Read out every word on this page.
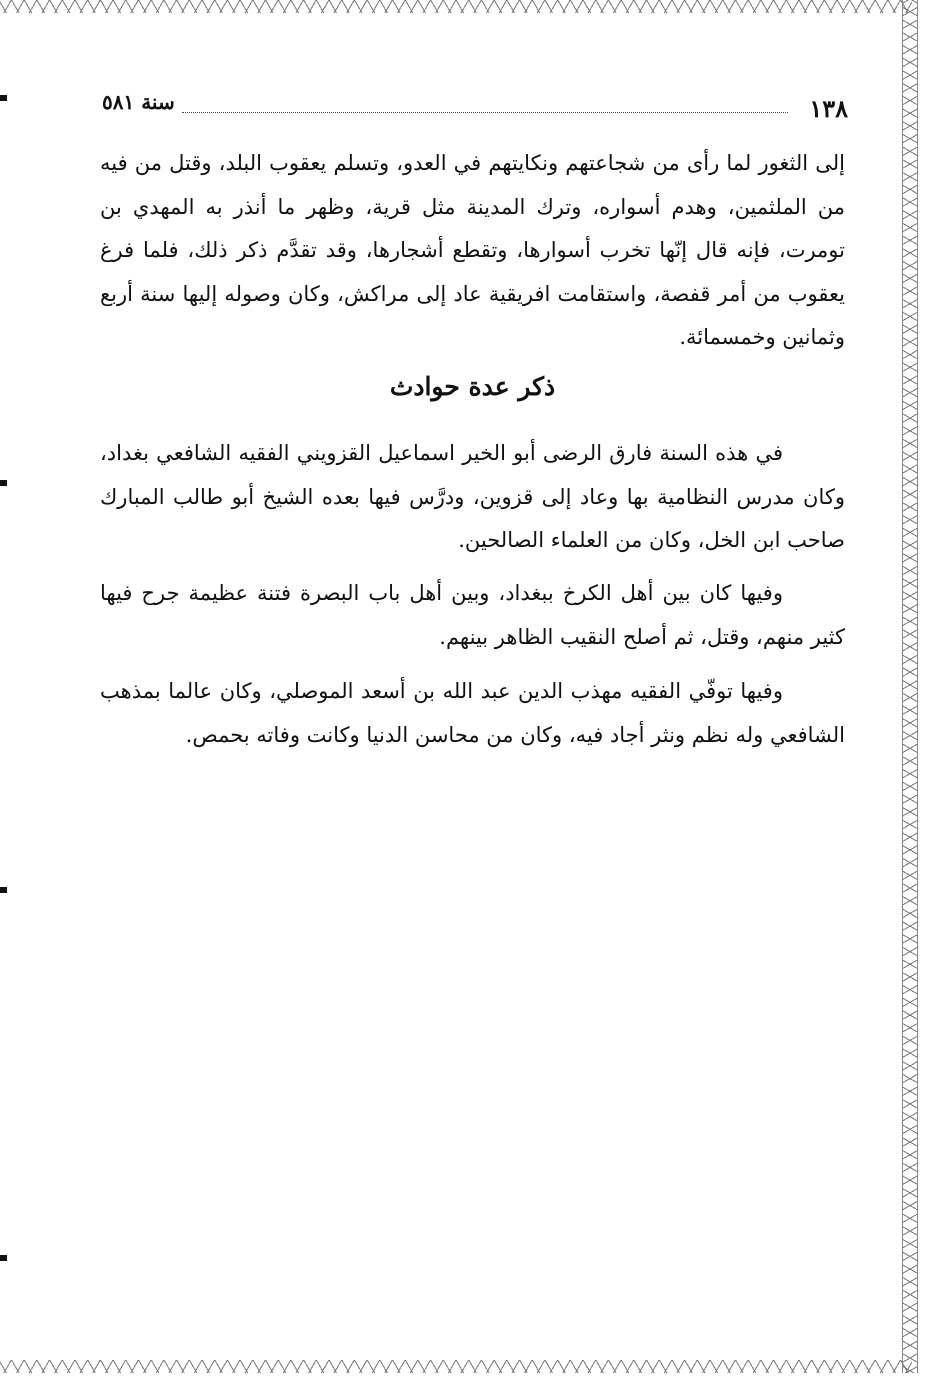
١٣٨
سنة ٥٨١
إلى الثغور لما رأى من شجاعتهم ونكايتهم في العدو، وتسلم يعقوب البلد، وقتل من فيه من الملثمين، وهدم أسواره، وترك المدينة مثل قرية، وظهر ما أنذر به المهدي بن تومرت، فإنه قال إنّها تخرب أسوارها، وتقطع أشجارها، وقد تقدَّم ذكر ذلك، فلما فرغ يعقوب من أمر قفصة، واستقامت افريقية عاد إلى مراكش، وكان وصوله إليها سنة أربع وثمانين وخمسمائة.
ذكر عدة حوادث
في هذه السنة فارق الرضى أبو الخير اسماعيل القزويني الفقيه الشافعي بغداد، وكان مدرس النظامية بها وعاد إلى قزوين، ودرَّس فيها بعده الشيخ أبو طالب المبارك صاحب ابن الخل، وكان من العلماء الصالحين.
وفيها كان بين أهل الكرخ ببغداد، وبين أهل باب البصرة فتنة عظيمة جرح فيها كثير منهم، وقتل، ثم أصلح النقيب الظاهر بينهم.
وفيها توفّي الفقيه مهذب الدين عبد الله بن أسعد الموصلي، وكان عالما بمذهب الشافعي وله نظم ونثر أجاد فيه، وكان من محاسن الدنيا وكانت وفاته بحمص.
